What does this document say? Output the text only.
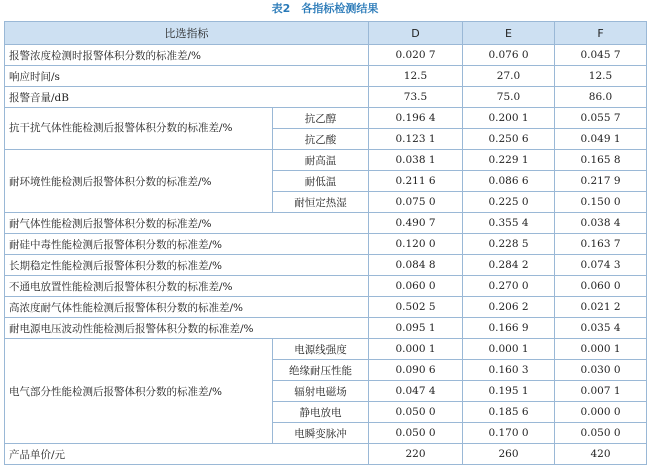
表2　各指标检测结果
比选指标		D	E	F
报警浓度检测时报警体积分数的标准差/%		0.020 7	0.076 0	0.045 7
响应时间/s		12.5	27.0	12.5
报警音量/dB		73.5	75.0	86.0
抗干扰气体性能检测后报警体积分数的标准差/%	抗乙醇	0.196 4	0.200 1	0.055 7
	抗乙酸	0.123 1	0.250 6	0.049 1
耐环境性能检测后报警体积分数的标准差/%	耐高温	0.038 1	0.229 1	0.165 8
	耐低温	0.211 6	0.086 6	0.217 9
	耐恒定热湿	0.075 0	0.225 0	0.150 0
耐气体性能检测后报警体积分数的标准差/%		0.490 7	0.355 4	0.038 4
耐硅中毒性能检测后报警体积分数的标准差/%		0.120 0	0.228 5	0.163 7
长期稳定性能检测后报警体积分数的标准差/%		0.084 8	0.284 2	0.074 3
不通电放置性能检测后报警体积分数的标准差/%		0.060 0	0.270 0	0.060 0
高浓度耐气体性能检测后报警体积分数的标准差/%		0.502 5	0.206 2	0.021 2
耐电源电压波动性能检测后报警体积分数的标准差/%		0.095 1	0.166 9	0.035 4
电气部分性能检测后报警体积分数的标准差/%	电源线强度	0.000 1	0.000 1	0.000 1
	绝缘耐压性能	0.090 6	0.160 3	0.030 0
	辐射电磁场	0.047 4	0.195 1	0.007 1
	静电放电	0.050 0	0.185 6	0.000 0
	电瞬变脉冲	0.050 0	0.170 0	0.050 0
产品单价/元		220	260	420
